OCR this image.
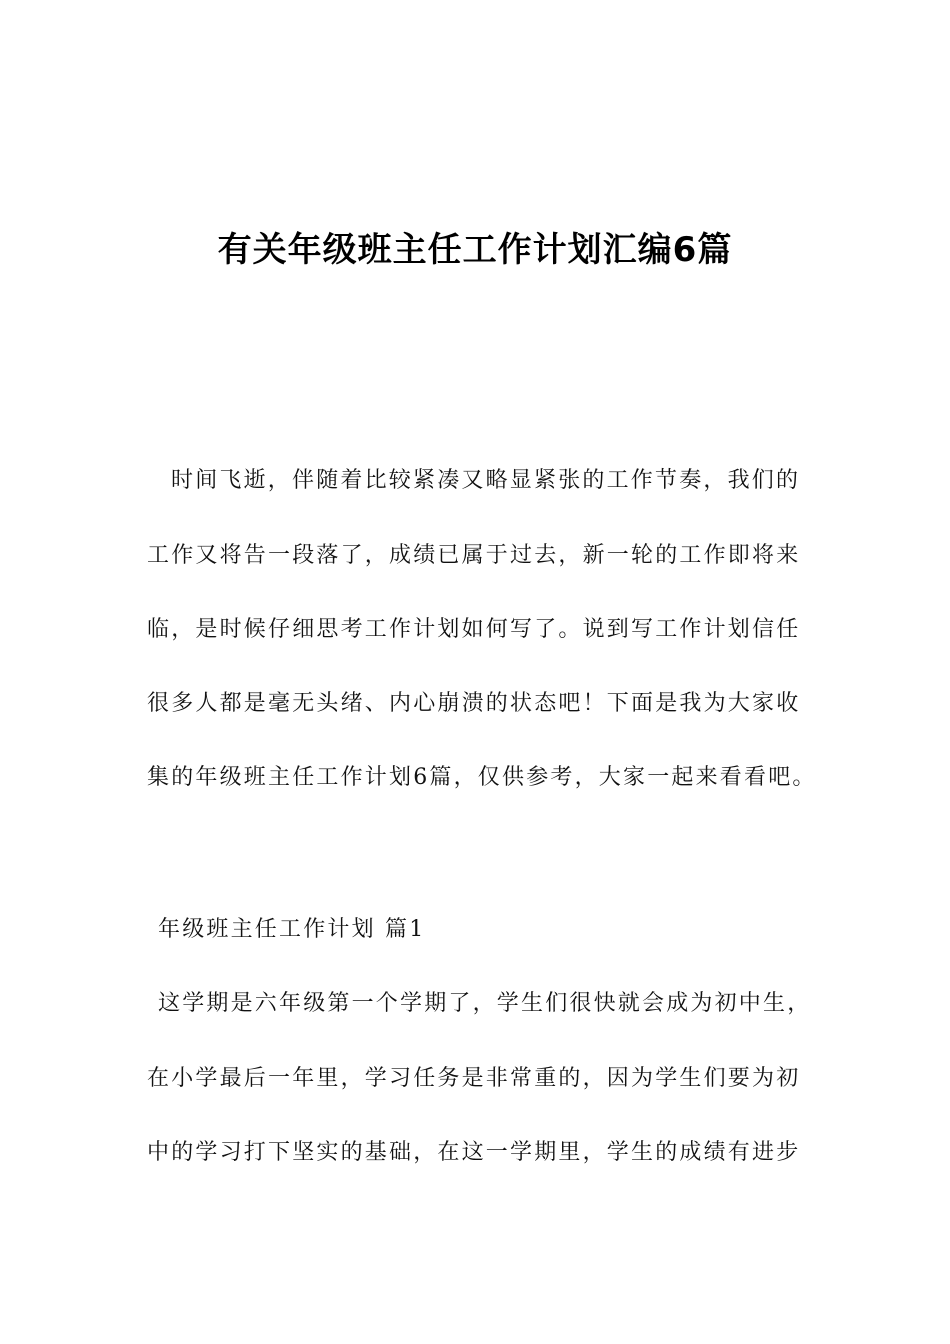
有关年级班主任工作计划汇编6篇

时间飞逝，伴随着比较紧凑又略显紧张的工作节奏，我们的

工作又将告一段落了，成绩已属于过去，新一轮的工作即将来

临，是时候仔细思考工作计划如何写了。说到写工作计划信任

很多人都是毫无头绪、内心崩溃的状态吧！下面是我为大家收

集的年级班主任工作计划6篇，仅供参考，大家一起来看看吧。

年级班主任工作计划 篇1

这学期是六年级第一个学期了，学生们很快就会成为初中生，

在小学最后一年里，学习任务是非常重的，因为学生们要为初

中的学习打下坚实的基础，在这一学期里，学生的成绩有进步
